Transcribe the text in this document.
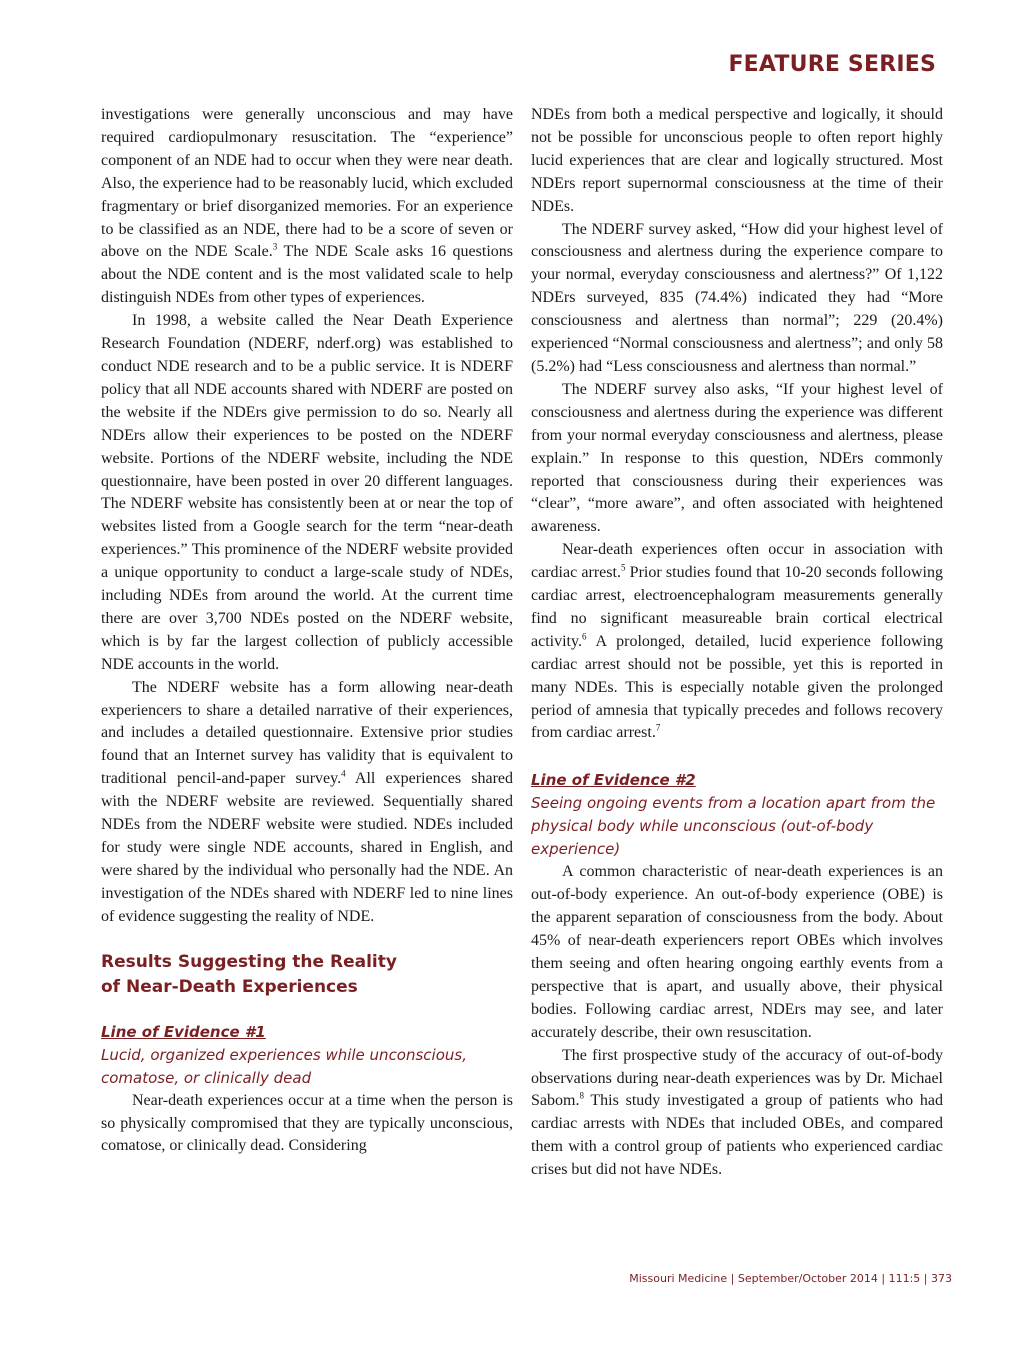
FEATURE SERIES

investigations were generally unconscious and may have required cardiopulmonary resuscitation. The “experience” component of an NDE had to occur when they were near death. Also, the experience had to be reasonably lucid, which excluded fragmentary or brief disorganized memories. For an experience to be classified as an NDE, there had to be a score of seven or above on the NDE Scale.$^3$ The NDE Scale asks 16 questions about the NDE content and is the most validated scale to help distinguish NDEs from other types of experiences.

In 1998, a website called the Near Death Experience Research Foundation (NDERF, nderf.org) was established to conduct NDE research and to be a public service. It is NDERF policy that all NDE accounts shared with NDERF are posted on the website if the NDErs give permission to do so. Nearly all NDErs allow their experiences to be posted on the NDERF website. Portions of the NDERF website, including the NDE questionnaire, have been posted in over 20 different languages. The NDERF website has consistently been at or near the top of websites listed from a Google search for the term “near-death experiences.” This prominence of the NDERF website provided a unique opportunity to conduct a large-scale study of NDEs, including NDEs from around the world. At the current time there are over 3,700 NDEs posted on the NDERF website, which is by far the largest collection of publicly accessible NDE accounts in the world.

The NDERF website has a form allowing near-death experiencers to share a detailed narrative of their experiences, and includes a detailed questionnaire. Extensive prior studies found that an Internet survey has validity that is equivalent to traditional pencil-and-paper survey.$^4$ All experiences shared with the NDERF website are reviewed. Sequentially shared NDEs from the NDERF website were studied. NDEs included for study were single NDE accounts, shared in English, and were shared by the individual who personally had the NDE. An investigation of the NDEs shared with NDERF led to nine lines of evidence suggesting the reality of NDE.

Results Suggesting the Reality

of Near-Death Experiences

Line of Evidence #1

Lucid, organized experiences while unconscious, comatose, or clinically dead

Near-death experiences occur at a time when the person is so physically compromised that they are typically unconscious, comatose, or clinically dead. Considering

NDEs from both a medical perspective and logically, it should not be possible for unconscious people to often report highly lucid experiences that are clear and logically structured. Most NDErs report supernormal consciousness at the time of their NDEs.

The NDERF survey asked, “How did your highest level of consciousness and alertness during the experience compare to your normal, everyday consciousness and alertness?” Of 1,122 NDErs surveyed, 835 (74.4%) indicated they had “More consciousness and alertness than normal”; 229 (20.4%) experienced “Normal consciousness and alertness”; and only 58 (5.2%) had “Less consciousness and alertness than normal.”

The NDERF survey also asks, “If your highest level of consciousness and alertness during the experience was different from your normal everyday consciousness and alertness, please explain.” In response to this question, NDErs commonly reported that consciousness during their experiences was “clear”, “more aware”, and often associated with heightened awareness.

Near-death experiences often occur in association with cardiac arrest.$^5$ Prior studies found that 10-20 seconds following cardiac arrest, electroencephalogram measurements generally find no significant measureable brain cortical electrical activity.$^6$ A prolonged, detailed, lucid experience following cardiac arrest should not be possible, yet this is reported in many NDEs. This is especially notable given the prolonged period of amnesia that typically precedes and follows recovery from cardiac arrest.$^7$

Line of Evidence #2

Seeing ongoing events from a location apart from the physical body while unconscious (out-of-body experience)

A common characteristic of near-death experiences is an out-of-body experience. An out-of-body experience (OBE) is the apparent separation of consciousness from the body. About 45% of near-death experiencers report OBEs which involves them seeing and often hearing ongoing earthly events from a perspective that is apart, and usually above, their physical bodies. Following cardiac arrest, NDErs may see, and later accurately describe, their own resuscitation.

The first prospective study of the accuracy of out-of-body observations during near-death experiences was by Dr. Michael Sabom.$^8$ This study investigated a group of patients who had cardiac arrests with NDEs that included OBEs, and compared them with a control group of patients who experienced cardiac crises but did not have NDEs.

Missouri Medicine | September/October 2014 | 111:5 | 373
